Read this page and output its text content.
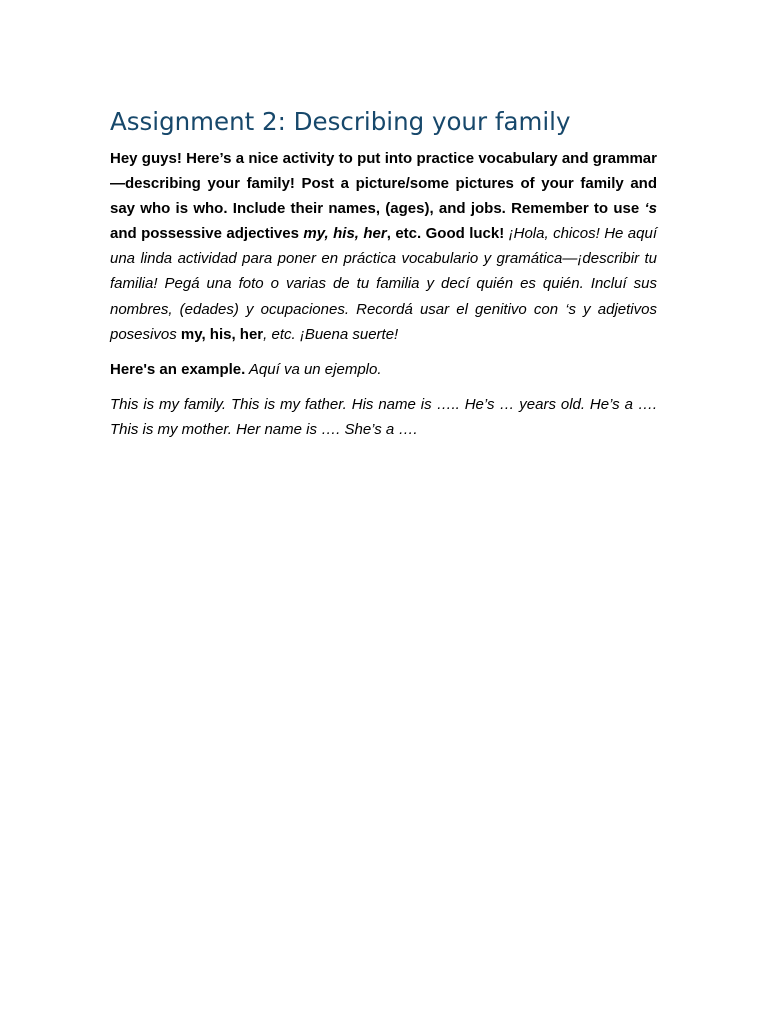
Assignment 2: Describing your family

Hey guys! Here’s a nice activity to put into practice vocabulary and grammar—describing your family! Post a picture/some pictures of your family and say who is who. Include their names, (ages), and jobs. Remember to use ‘s and possessive adjectives my, his, her, etc. Good luck! ¡Hola, chicos! He aquí una linda actividad para poner en práctica vocabulario y gramática—¡describir tu familia! Pegá una foto o varias de tu familia y decí quién es quién. Incluí sus nombres, (edades) y ocupaciones. Recordá usar el genitivo con ‘s y adjetivos posesivos my, his, her, etc. ¡Buena suerte!

Here's an example. Aquí va un ejemplo.

This is my family. This is my father. His name is ….. He’s … years old. He’s a …. This is my mother. Her name is …. She’s a ….
